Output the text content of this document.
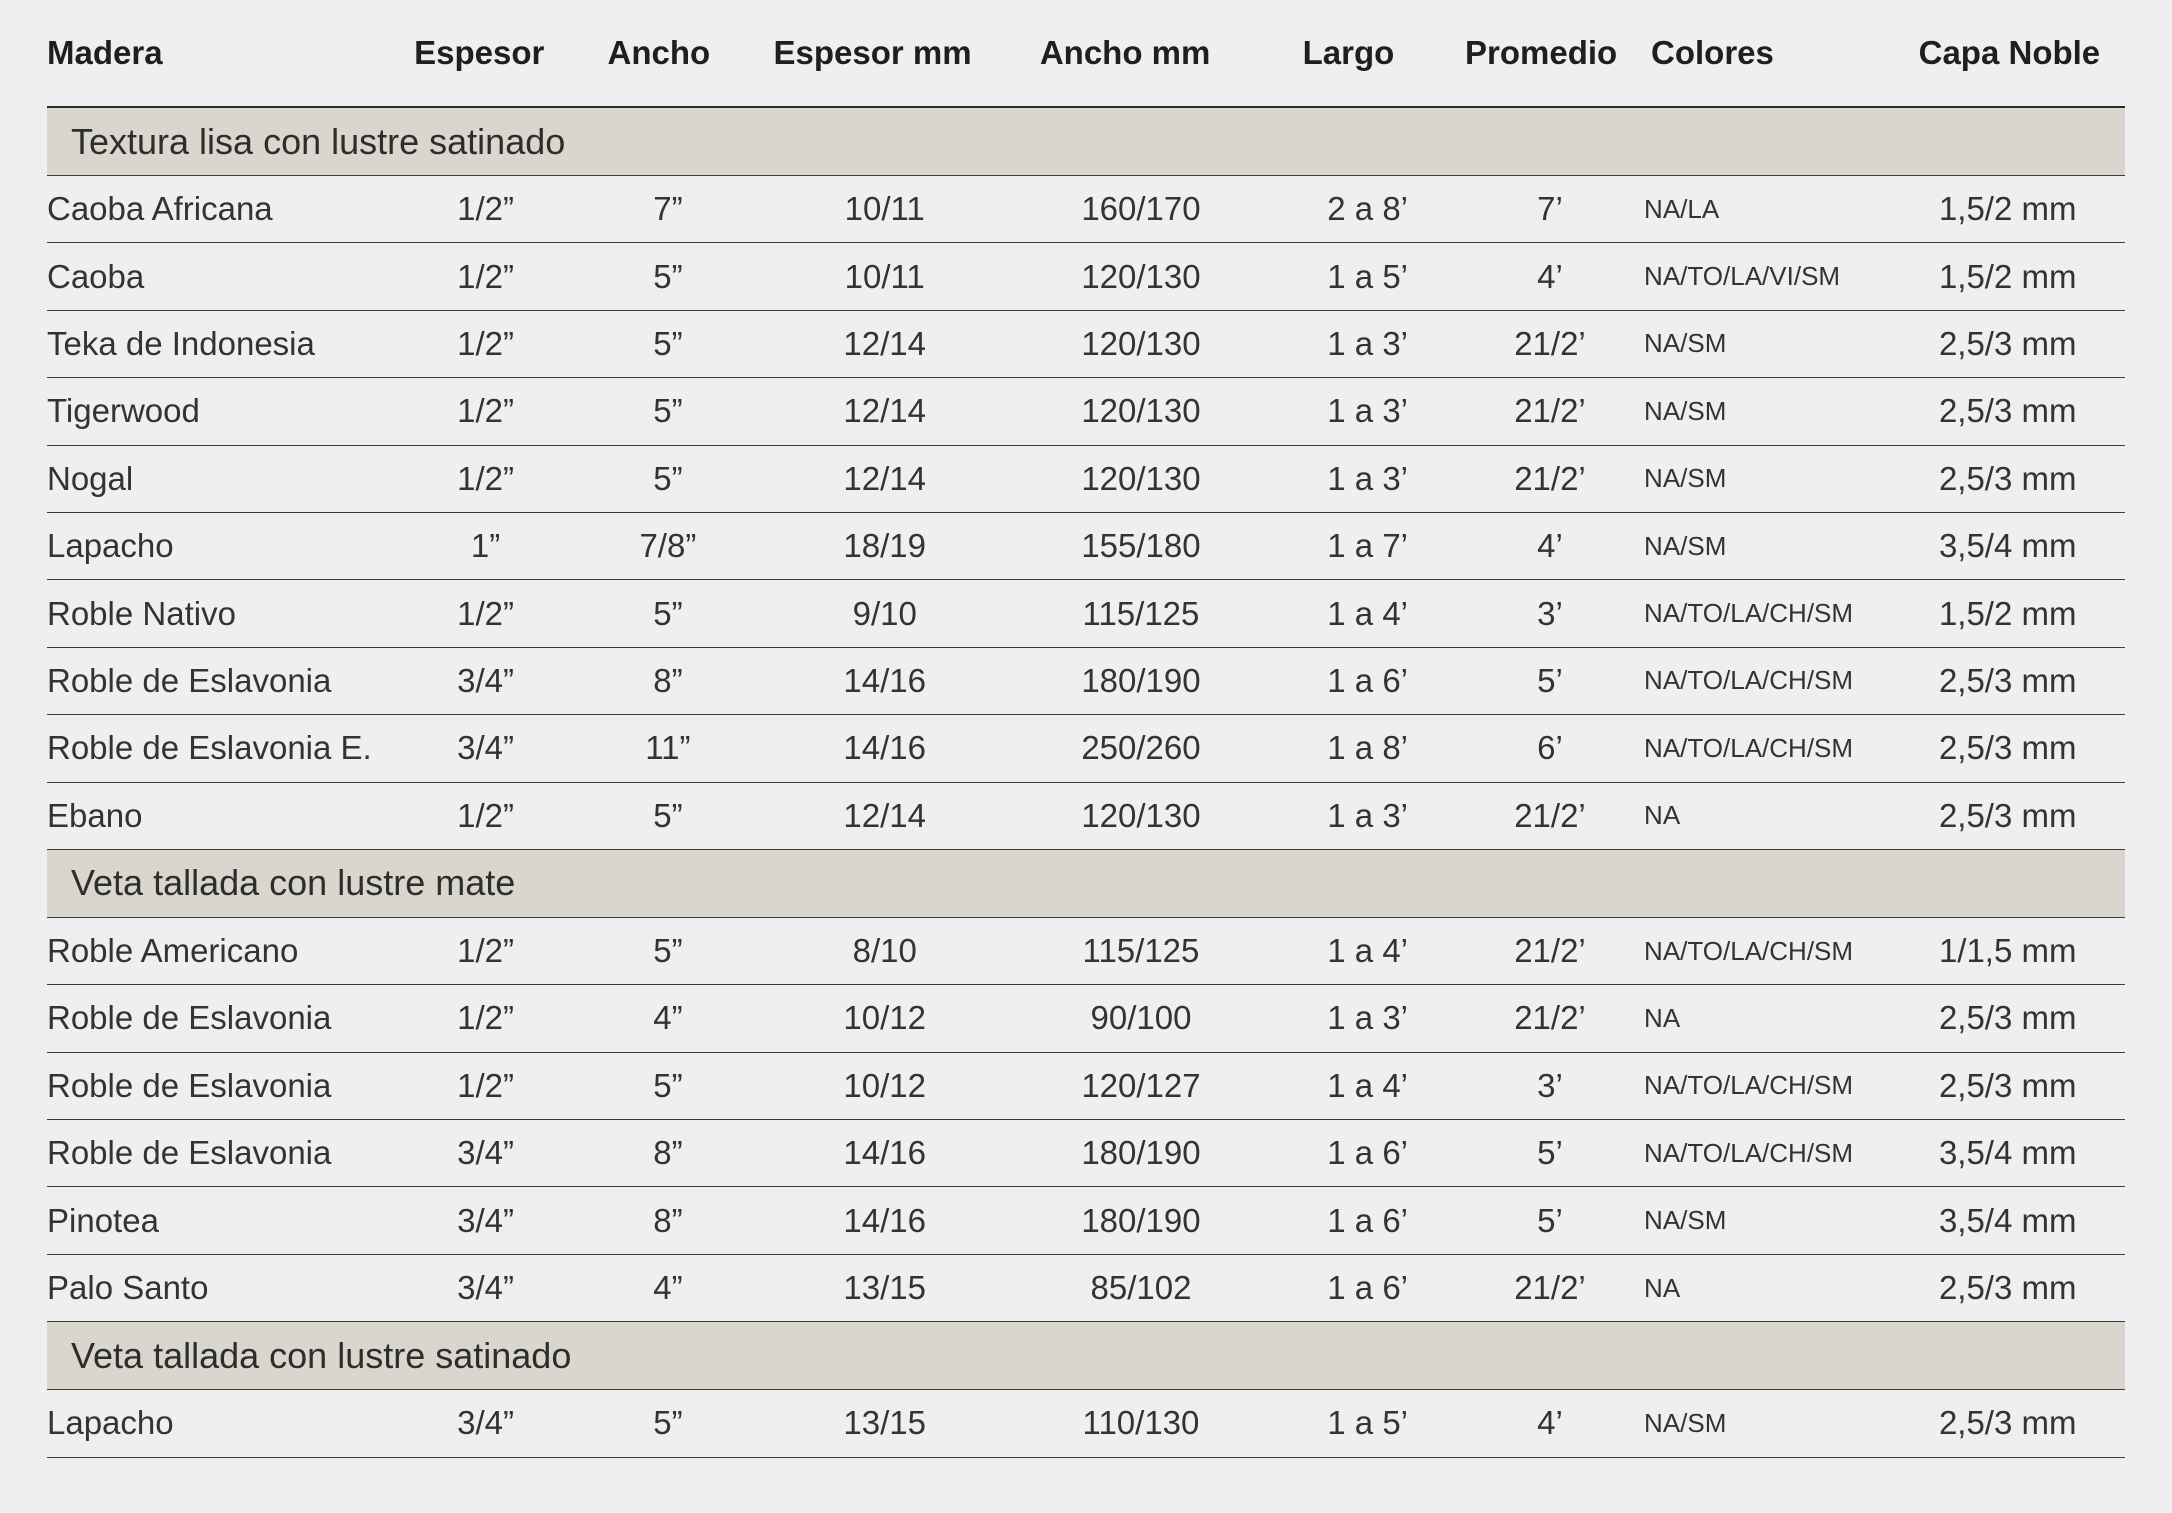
Madera	Espesor	Ancho	Espesor mm	Ancho mm	Largo	Promedio	Colores	Capa Noble
Textura lisa con lustre satinado
Caoba Africana	1/2”	7”	10/11	160/170	2 a 8’	7’	NA/LA	1,5/2 mm
Caoba	1/2”	5”	10/11	120/130	1 a 5’	4’	NA/TO/LA/VI/SM	1,5/2 mm
Teka de Indonesia	1/2”	5”	12/14	120/130	1 a 3’	21/2’	NA/SM	2,5/3 mm
Tigerwood	1/2”	5”	12/14	120/130	1 a 3’	21/2’	NA/SM	2,5/3 mm
Nogal	1/2”	5”	12/14	120/130	1 a 3’	21/2’	NA/SM	2,5/3 mm
Lapacho	1”	7/8”	18/19	155/180	1 a 7’	4’	NA/SM	3,5/4 mm
Roble Nativo	1/2”	5”	9/10	115/125	1 a 4’	3’	NA/TO/LA/CH/SM	1,5/2 mm
Roble de Eslavonia	3/4”	8”	14/16	180/190	1 a 6’	5’	NA/TO/LA/CH/SM	2,5/3 mm
Roble de Eslavonia E.	3/4”	11”	14/16	250/260	1 a 8’	6’	NA/TO/LA/CH/SM	2,5/3 mm
Ebano	1/2”	5”	12/14	120/130	1 a 3’	21/2’	NA	2,5/3 mm
Veta tallada con lustre mate
Roble Americano	1/2”	5”	8/10	115/125	1 a 4’	21/2’	NA/TO/LA/CH/SM	1/1,5 mm
Roble de Eslavonia	1/2”	4”	10/12	90/100	1 a 3’	21/2’	NA	2,5/3 mm
Roble de Eslavonia	1/2”	5”	10/12	120/127	1 a 4’	3’	NA/TO/LA/CH/SM	2,5/3 mm
Roble de Eslavonia	3/4”	8”	14/16	180/190	1 a 6’	5’	NA/TO/LA/CH/SM	3,5/4 mm
Pinotea	3/4”	8”	14/16	180/190	1 a 6’	5’	NA/SM	3,5/4 mm
Palo Santo	3/4”	4”	13/15	85/102	1 a 6’	21/2’	NA	2,5/3 mm
Veta tallada con lustre satinado
Lapacho	3/4”	5”	13/15	110/130	1 a 5’	4’	NA/SM	2,5/3 mm
